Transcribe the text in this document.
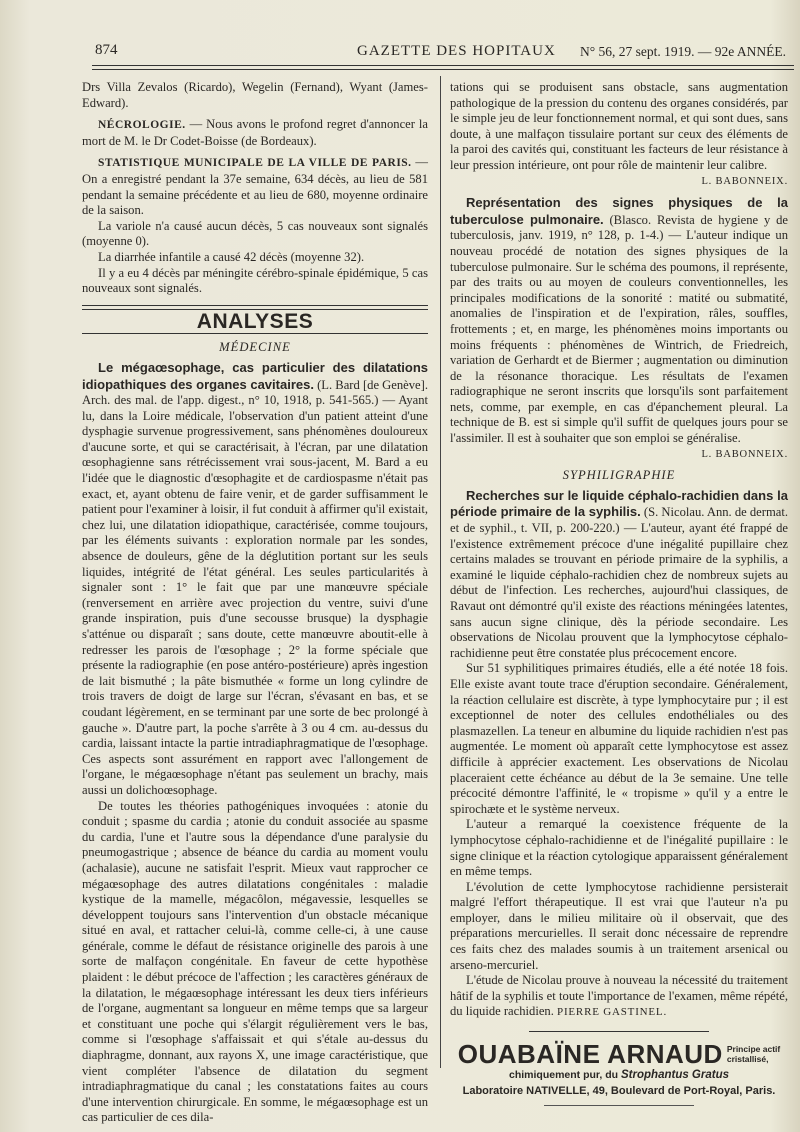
874	GAZETTE DES HOPITAUX N° 56, 27 sept. 1919. — 92e ANNÉE.

Drs Villa Zevalos (Ricardo), Wegelin (Fernand), Wyant (James-Edward).

NÉCROLOGIE. — Nous avons le profond regret d'annoncer la mort de M. le Dr Codet-Boisse (de Bordeaux).

STATISTIQUE MUNICIPALE DE LA VILLE DE PARIS. — On a enregistré pendant la 37e semaine, 634 décès, au lieu de 581 pendant la semaine précédente et au lieu de 680, moyenne ordinaire de la saison.

La variole n'a causé aucun décès, 5 cas nouveaux sont signalés (moyenne 0).

La diarrhée infantile a causé 42 décès (moyenne 32).

Il y a eu 4 décès par méningite cérébro-spinale épidémique, 5 cas nouveaux sont signalés.

ANALYSES
MÉDECINE

Le mégaœsophage, cas particulier des dilatations idiopathiques des organes cavitaires. (L. Bard [de Genève]. Arch. des mal. de l'app. digest., n° 10, 1918, p. 541-565.) — Ayant lu, dans la Loire médicale, l'observation d'un patient atteint d'une dysphagie survenue progressivement, sans phénomènes douloureux d'aucune sorte, et qui se caractérisait, à l'écran, par une dilatation œsophagienne sans rétrécissement vrai sous-jacent, M. Bard a eu l'idée que le diagnostic d'œsophagite et de cardiospasme n'était pas exact, et, ayant obtenu de faire venir, et de garder suffisamment le patient pour l'examiner à loisir, il fut conduit à affirmer qu'il existait, chez lui, une dilatation idiopathique, caractérisée, comme toujours, par les éléments suivants : exploration normale par les sondes, absence de douleurs, gêne de la déglutition portant sur les seuls liquides, intégrité de l'état général. Les seules particularités à signaler sont : 1° le fait que par une manœuvre spéciale (renversement en arrière avec projection du ventre, suivi d'une grande inspiration, puis d'une secousse brusque) la dysphagie s'atténue ou disparaît ; sans doute, cette manœuvre aboutit-elle à redresser les parois de l'œsophage ; 2° la forme spéciale que présente la radiographie (en pose antéro-postérieure) après ingestion de lait bismuthé ; la pâte bismuthée « forme un long cylindre de trois travers de doigt de large sur l'écran, s'évasant en bas, et se coudant légèrement, en se terminant par une sorte de bec prolongé à gauche ». D'autre part, la poche s'arrête à 3 ou 4 cm. au-dessus du cardia, laissant intacte la partie intradiaphragmatique de l'œsophage. Ces aspects sont assurément en rapport avec l'allongement de l'organe, le mégaœsophage n'étant pas seulement un brachy, mais aussi un dolichoœsophage.

De toutes les théories pathogéniques invoquées : atonie du conduit ; spasme du cardia ; atonie du conduit associée au spasme du cardia, l'une et l'autre sous la dépendance d'une paralysie du pneumogastrique ; absence de béance du cardia au moment voulu (achalasie), aucune ne satisfait l'esprit. Mieux vaut rapprocher ce mégaœsophage des autres dilatations congénitales : maladie kystique de la mamelle, mégacôlon, mégavessie, lesquelles se développent toujours sans l'intervention d'un obstacle mécanique situé en aval, et rattacher celui-là, comme celle-ci, à une cause générale, comme le défaut de résistance originelle des parois à une sorte de malfaçon congénitale. En faveur de cette hypothèse plaident : le début précoce de l'affection ; les caractères généraux de la dilatation, le mégaœsophage intéressant les deux tiers inférieurs de l'organe, augmentant sa longueur en même temps que sa largeur et constituant une poche qui s'élargit régulièrement vers le bas, comme si l'œsophage s'affaissait et qui s'étale au-dessus du diaphragme, donnant, aux rayons X, une image caractéristique, que vient compléter l'absence de dilatation du segment intradiaphragmatique du canal ; les constatations faites au cours d'une intervention chirurgicale. En somme, le mégaœsophage est un cas particulier de ces dila-

tations qui se produisent sans obstacle, sans augmentation pathologique de la pression du contenu des organes considérés, par le simple jeu de leur fonctionnement normal, et qui sont dues, sans doute, à une malfaçon tissulaire portant sur ceux des éléments de la paroi des cavités qui, constituant les facteurs de leur résistance à leur pression intérieure, ont pour rôle de maintenir leur calibre.

L. BABONNEIX.

Représentation des signes physiques de la tuberculose pulmonaire. (Blasco. Revista de hygiene y de tuberculosis, janv. 1919, n° 128, p. 1-4.) — L'auteur indique un nouveau procédé de notation des signes physiques de la tuberculose pulmonaire. Sur le schéma des poumons, il représente, par des traits ou au moyen de couleurs conventionnelles, les principales modifications de la sonorité : matité ou submatité, anomalies de l'inspiration et de l'expiration, râles, souffles, frottements ; et, en marge, les phénomènes moins importants ou moins fréquents : phénomènes de Wintrich, de Friedreich, variation de Gerhardt et de Biermer ; augmentation ou diminution de la résonance thoracique. Les résultats de l'examen radiographique ne seront inscrits que lorsqu'ils sont parfaitement nets, comme, par exemple, en cas d'épanchement pleural. La technique de B. est si simple qu'il suffit de quelques jours pour se l'assimiler. Il est à souhaiter que son emploi se généralise.

L. BABONNEIX.

SYPHILIGRAPHIE

Recherches sur le liquide céphalo-rachidien dans la période primaire de la syphilis. (S. Nicolau. Ann. de dermat. et de syphil., t. VII, p. 200-220.) — L'auteur, ayant été frappé de l'existence extrêmement précoce d'une inégalité pupillaire chez certains malades se trouvant en période primaire de la syphilis, a examiné le liquide céphalo-rachidien chez de nombreux sujets au début de l'infection. Les recherches, aujourd'hui classiques, de Ravaut ont démontré qu'il existe des réactions méningées latentes, sans aucun signe clinique, dès la période secondaire. Les observations de Nicolau prouvent que la lymphocytose céphalo-rachidienne peut être constatée plus précocement encore.

Sur 51 syphilitiques primaires étudiés, elle a été notée 18 fois. Elle existe avant toute trace d'éruption secondaire. Généralement, la réaction cellulaire est discrète, à type lymphocytaire pur ; il est exceptionnel de noter des cellules endothéliales ou des plasmazellen. La teneur en albumine du liquide rachidien n'est pas augmentée. Le moment où apparaît cette lymphocytose est assez difficile à apprécier exactement. Les observations de Nicolau placeraient cette échéance au début de la 3e semaine. Une telle précocité démontre l'affinité, le « tropisme » qu'il y a entre le spirochæte et le système nerveux.

L'auteur a remarqué la coexistence fréquente de la lymphocytose céphalo-rachidienne et de l'inégalité pupillaire : le signe clinique et la réaction cytologique apparaissent généralement en même temps.

L'évolution de cette lymphocytose rachidienne persisterait malgré l'effort thérapeutique. Il est vrai que l'auteur n'a pu employer, dans le milieu militaire où il observait, que des préparations mercurielles. Il serait donc nécessaire de reprendre ces faits chez des malades soumis à un traitement arsenical ou arseno-mercuriel.

L'étude de Nicolau prouve à nouveau la nécessité du traitement hâtif de la syphilis et toute l'importance de l'examen, même répété, du liquide rachidien. PIERRE GASTINEL.

OUABAÏNE ARNAUD Principe actif
cristallisé,
chimiquement pur, du Strophantus Gratus
Laboratoire NATIVELLE, 49, Boulevard de Port-Royal, Paris.
